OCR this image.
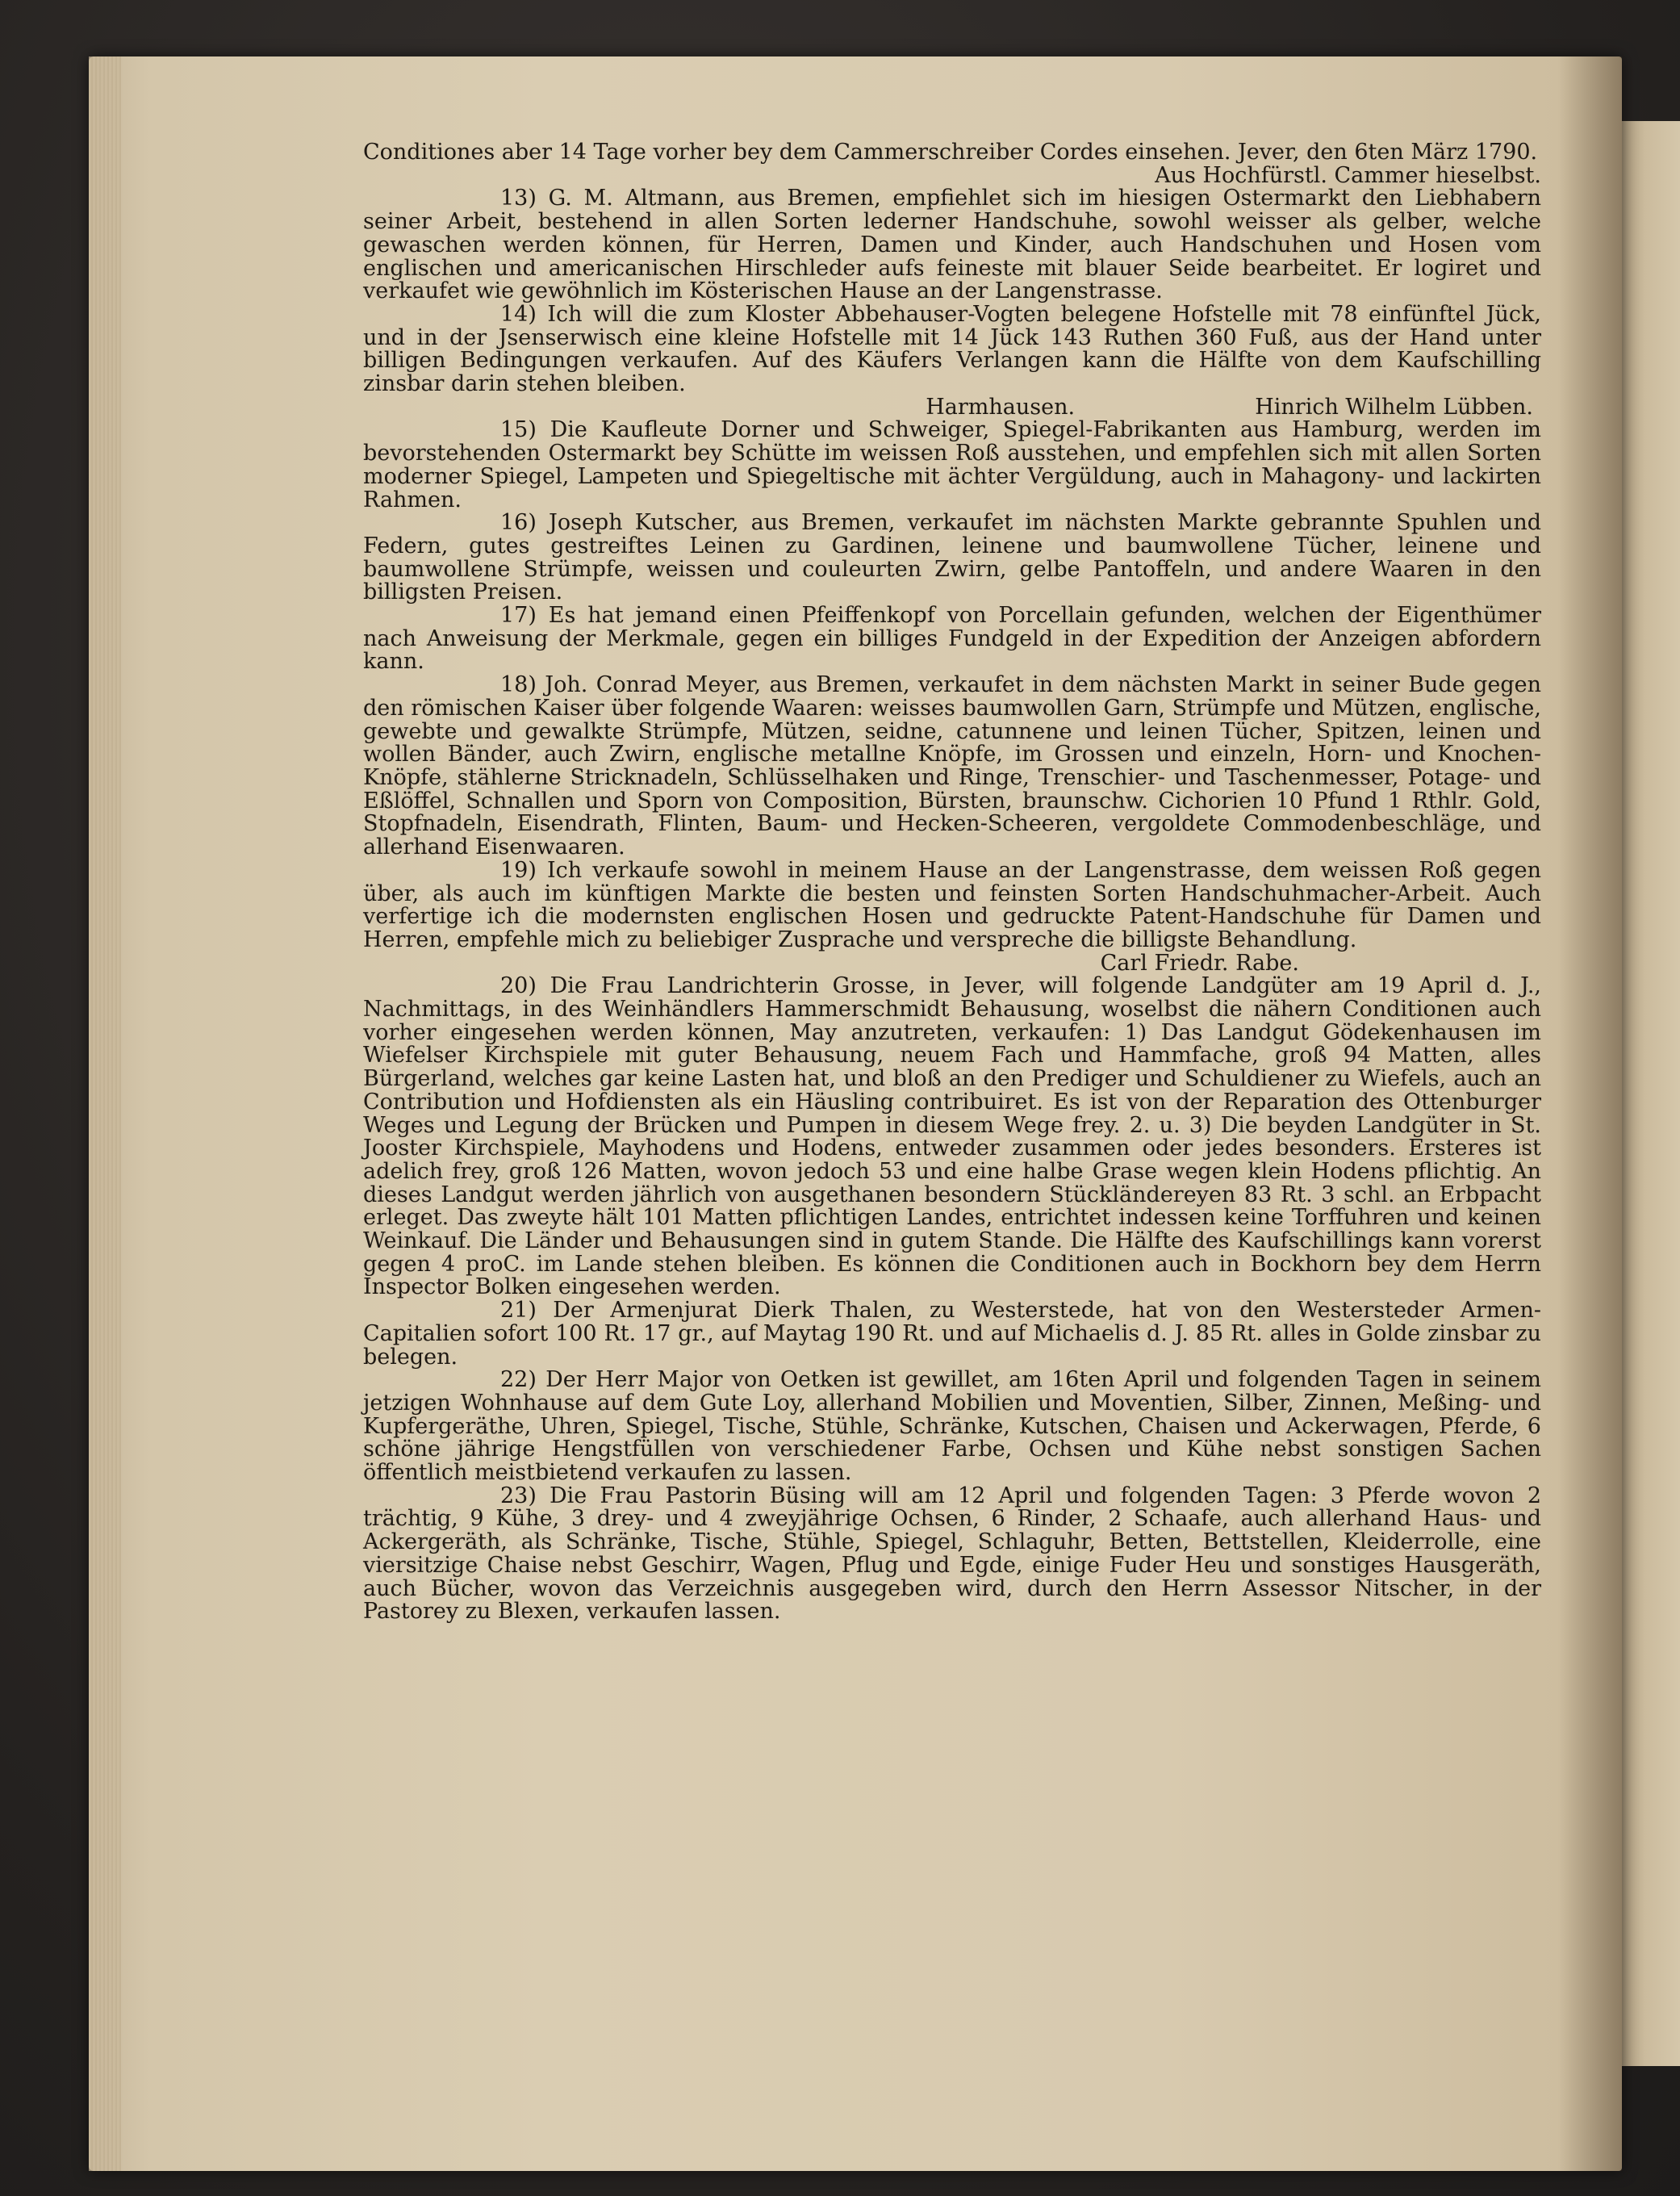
Conditiones aber 14 Tage vorher bey dem Cammerschreiber Cordes einsehen. Jever, den 6ten März 1790.

Aus Hochfürstl. Cammer hieselbst.

13) G. M. Altmann, aus Bremen, empfiehlet sich im hiesigen Ostermarkt den Liebhabern seiner Arbeit, bestehend in allen Sorten lederner Handschuhe, sowohl weisser als gelber, welche gewaschen werden können, für Herren, Damen und Kinder, auch Handschuhen und Hosen vom englischen und americanischen Hirschleder aufs feineste mit blauer Seide bearbeitet. Er logiret und verkaufet wie gewöhnlich im Kösterischen Hause an der Langenstrasse.

14) Ich will die zum Kloster Abbehauser-Vogten belegene Hofstelle mit 78 einfünftel Jück, und in der Jsenserwisch eine kleine Hofstelle mit 14 Jück 143 Ruthen 360 Fuß, aus der Hand unter billigen Bedingungen verkaufen. Auf des Käufers Verlangen kann die Hälfte von dem Kaufschilling zinsbar darin stehen bleiben.

Harmhausen.	Hinrich Wilhelm Lübben.

15) Die Kaufleute Dorner und Schweiger, Spiegel-Fabrikanten aus Hamburg, werden im bevorstehenden Ostermarkt bey Schütte im weissen Roß ausstehen, und empfehlen sich mit allen Sorten moderner Spiegel, Lampeten und Spiegeltische mit ächter Vergüldung, auch in Mahagony- und lackirten Rahmen.

16) Joseph Kutscher, aus Bremen, verkaufet im nächsten Markte gebrannte Spuhlen und Federn, gutes gestreiftes Leinen zu Gardinen, leinene und baumwollene Tücher, leinene und baumwollene Strümpfe, weissen und couleurten Zwirn, gelbe Pantoffeln, und andere Waaren in den billigsten Preisen.

17) Es hat jemand einen Pfeiffenkopf von Porcellain gefunden, welchen der Eigenthümer nach Anweisung der Merkmale, gegen ein billiges Fundgeld in der Expedition der Anzeigen abfordern kann.

18) Joh. Conrad Meyer, aus Bremen, verkaufet in dem nächsten Markt in seiner Bude gegen den römischen Kaiser über folgende Waaren: weisses baumwollen Garn, Strümpfe und Mützen, englische, gewebte und gewalkte Strümpfe, Mützen, seidne, catunnene und leinen Tücher, Spitzen, leinen und wollen Bänder, auch Zwirn, englische metallne Knöpfe, im Grossen und einzeln, Horn- und Knochen-Knöpfe, stählerne Stricknadeln, Schlüsselhaken und Ringe, Trenschier- und Taschenmesser, Potage- und Eßlöffel, Schnallen und Sporn von Composition, Bürsten, braunschw. Cichorien 10 Pfund 1 Rthlr. Gold, Stopfnadeln, Eisendrath, Flinten, Baum- und Hecken-Scheeren, vergoldete Commodenbeschläge, und allerhand Eisenwaaren.

19) Ich verkaufe sowohl in meinem Hause an der Langenstrasse, dem weissen Roß gegen über, als auch im künftigen Markte die besten und feinsten Sorten Handschuhmacher-Arbeit. Auch verfertige ich die modernsten englischen Hosen und gedruckte Patent-Handschuhe für Damen und Herren, empfehle mich zu beliebiger Zusprache und verspreche die billigste Behandlung.

Carl Friedr. Rabe.

20) Die Frau Landrichterin Grosse, in Jever, will folgende Landgüter am 19 April d. J., Nachmittags, in des Weinhändlers Hammerschmidt Behausung, woselbst die nähern Conditionen auch vorher eingesehen werden können, May anzutreten, verkaufen: 1) Das Landgut Gödekenhausen im Wiefelser Kirchspiele mit guter Behausung, neuem Fach und Hammfache, groß 94 Matten, alles Bürgerland, welches gar keine Lasten hat, und bloß an den Prediger und Schuldiener zu Wiefels, auch an Contribution und Hofdiensten als ein Häusling contribuiret. Es ist von der Reparation des Ottenburger Weges und Legung der Brücken und Pumpen in diesem Wege frey. 2. u. 3) Die beyden Landgüter in St. Jooster Kirchspiele, Mayhodens und Hodens, entweder zusammen oder jedes besonders. Ersteres ist adelich frey, groß 126 Matten, wovon jedoch 53 und eine halbe Grase wegen klein Hodens pflichtig. An dieses Landgut werden jährlich von ausgethanen besondern Stückländereyen 83 Rt. 3 schl. an Erbpacht erleget. Das zweyte hält 101 Matten pflichtigen Landes, entrichtet indessen keine Torffuhren und keinen Weinkauf. Die Länder und Behausungen sind in gutem Stande. Die Hälfte des Kaufschillings kann vorerst gegen 4 proC. im Lande stehen bleiben. Es können die Conditionen auch in Bockhorn bey dem Herrn Inspector Bolken eingesehen werden.

21) Der Armenjurat Dierk Thalen, zu Westerstede, hat von den Westersteder Armen-Capitalien sofort 100 Rt. 17 gr., auf Maytag 190 Rt. und auf Michaelis d. J. 85 Rt. alles in Golde zinsbar zu belegen.

22) Der Herr Major von Oetken ist gewillet, am 16ten April und folgenden Tagen in seinem jetzigen Wohnhause auf dem Gute Loy, allerhand Mobilien und Moventien, Silber, Zinnen, Meßing- und Kupfergeräthe, Uhren, Spiegel, Tische, Stühle, Schränke, Kutschen, Chaisen und Ackerwagen, Pferde, 6 schöne jährige Hengstfüllen von verschiedener Farbe, Ochsen und Kühe nebst sonstigen Sachen öffentlich meistbietend verkaufen zu lassen.

23) Die Frau Pastorin Büsing will am 12 April und folgenden Tagen: 3 Pferde wovon 2 trächtig, 9 Kühe, 3 drey- und 4 zweyjährige Ochsen, 6 Rinder, 2 Schaafe, auch allerhand Haus- und Ackergeräth, als Schränke, Tische, Stühle, Spiegel, Schlaguhr, Betten, Bettstellen, Kleiderrolle, eine viersitzige Chaise nebst Geschirr, Wagen, Pflug und Egde, einige Fuder Heu und sonstiges Hausgeräth, auch Bücher, wovon das Verzeichnis ausgegeben wird, durch den Herrn Assessor Nitscher, in der Pastorey zu Blexen, verkaufen lassen.
